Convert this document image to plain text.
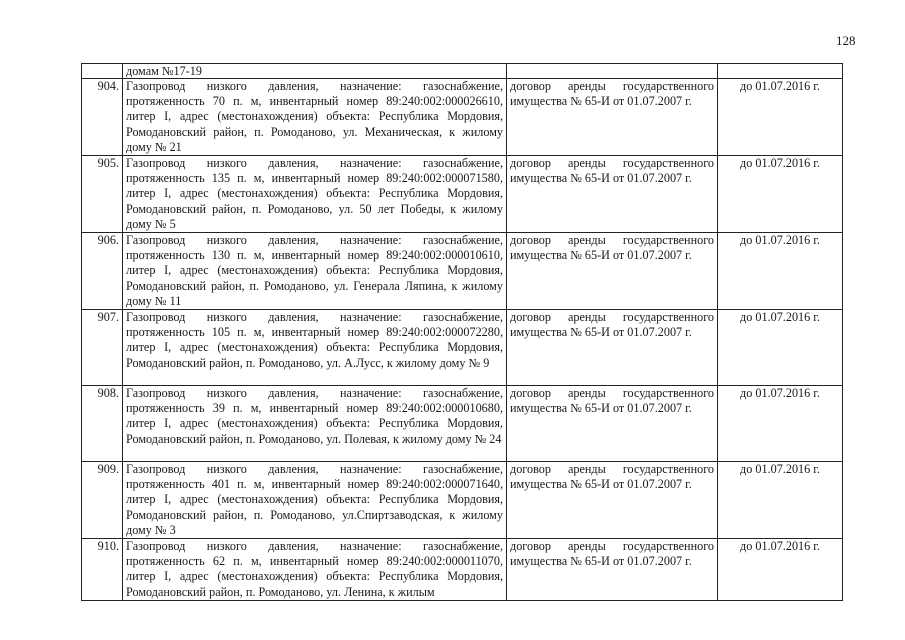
128
	домам №17-19		
904.	Газопровод низкого давления, назначение: газоснабжение, протяженность 70 п. м, инвентарный номер 89:240:002:000026610, литер I, адрес (местонахождения) объекта: Республика Мордовия, Ромодановский район, п. Ромоданово, ул. Механическая, к жилому дому № 21	договор аренды государственного имущества № 65-И от 01.07.2007 г.	до 01.07.2016 г.
905.	Газопровод низкого давления, назначение: газоснабжение, протяженность 135 п. м, инвентарный номер 89:240:002:000071580, литер I, адрес (местонахождения) объекта: Республика Мордовия, Ромодановский район, п. Ромоданово, ул. 50 лет Победы, к жилому дому № 5	договор аренды государственного имущества № 65-И от 01.07.2007 г.	до 01.07.2016 г.
906.	Газопровод низкого давления, назначение: газоснабжение, протяженность 130 п. м, инвентарный номер 89:240:002:000010610, литер I, адрес (местонахождения) объекта: Республика Мордовия, Ромодановский район, п. Ромоданово, ул. Генерала Ляпина, к жилому дому № 11	договор аренды государственного имущества № 65-И от 01.07.2007 г.	до 01.07.2016 г.
907.	Газопровод низкого давления, назначение: газоснабжение, протяженность 105 п. м, инвентарный номер 89:240:002:000072280, литер I, адрес (местонахождения) объекта: Республика Мордовия, Ромодановский район, п. Ромоданово, ул. А.Лусс, к жилому дому № 9	договор аренды государственного имущества № 65-И от 01.07.2007 г.	до 01.07.2016 г.
908.	Газопровод низкого давления, назначение: газоснабжение, протяженность 39 п. м, инвентарный номер 89:240:002:000010680, литер I, адрес (местонахождения) объекта: Республика Мордовия, Ромодановский район, п. Ромоданово, ул. Полевая, к жилому дому № 24	договор аренды государственного имущества № 65-И от 01.07.2007 г.	до 01.07.2016 г.
909.	Газопровод низкого давления, назначение: газоснабжение, протяженность 401 п. м, инвентарный номер 89:240:002:000071640, литер I, адрес (местонахождения) объекта: Республика Мордовия, Ромодановский район, п. Ромоданово, ул.Спиртзаводская, к жилому дому № 3	договор аренды государственного имущества № 65-И от 01.07.2007 г.	до 01.07.2016 г.
910.	Газопровод низкого давления, назначение: газоснабжение, протяженность 62 п. м, инвентарный номер 89:240:002:000011070, литер I, адрес (местонахождения) объекта: Республика Мордовия, Ромодановский район, п. Ромоданово, ул. Ленина, к жилым	договор аренды государственного имущества № 65-И от 01.07.2007 г.	до 01.07.2016 г.
